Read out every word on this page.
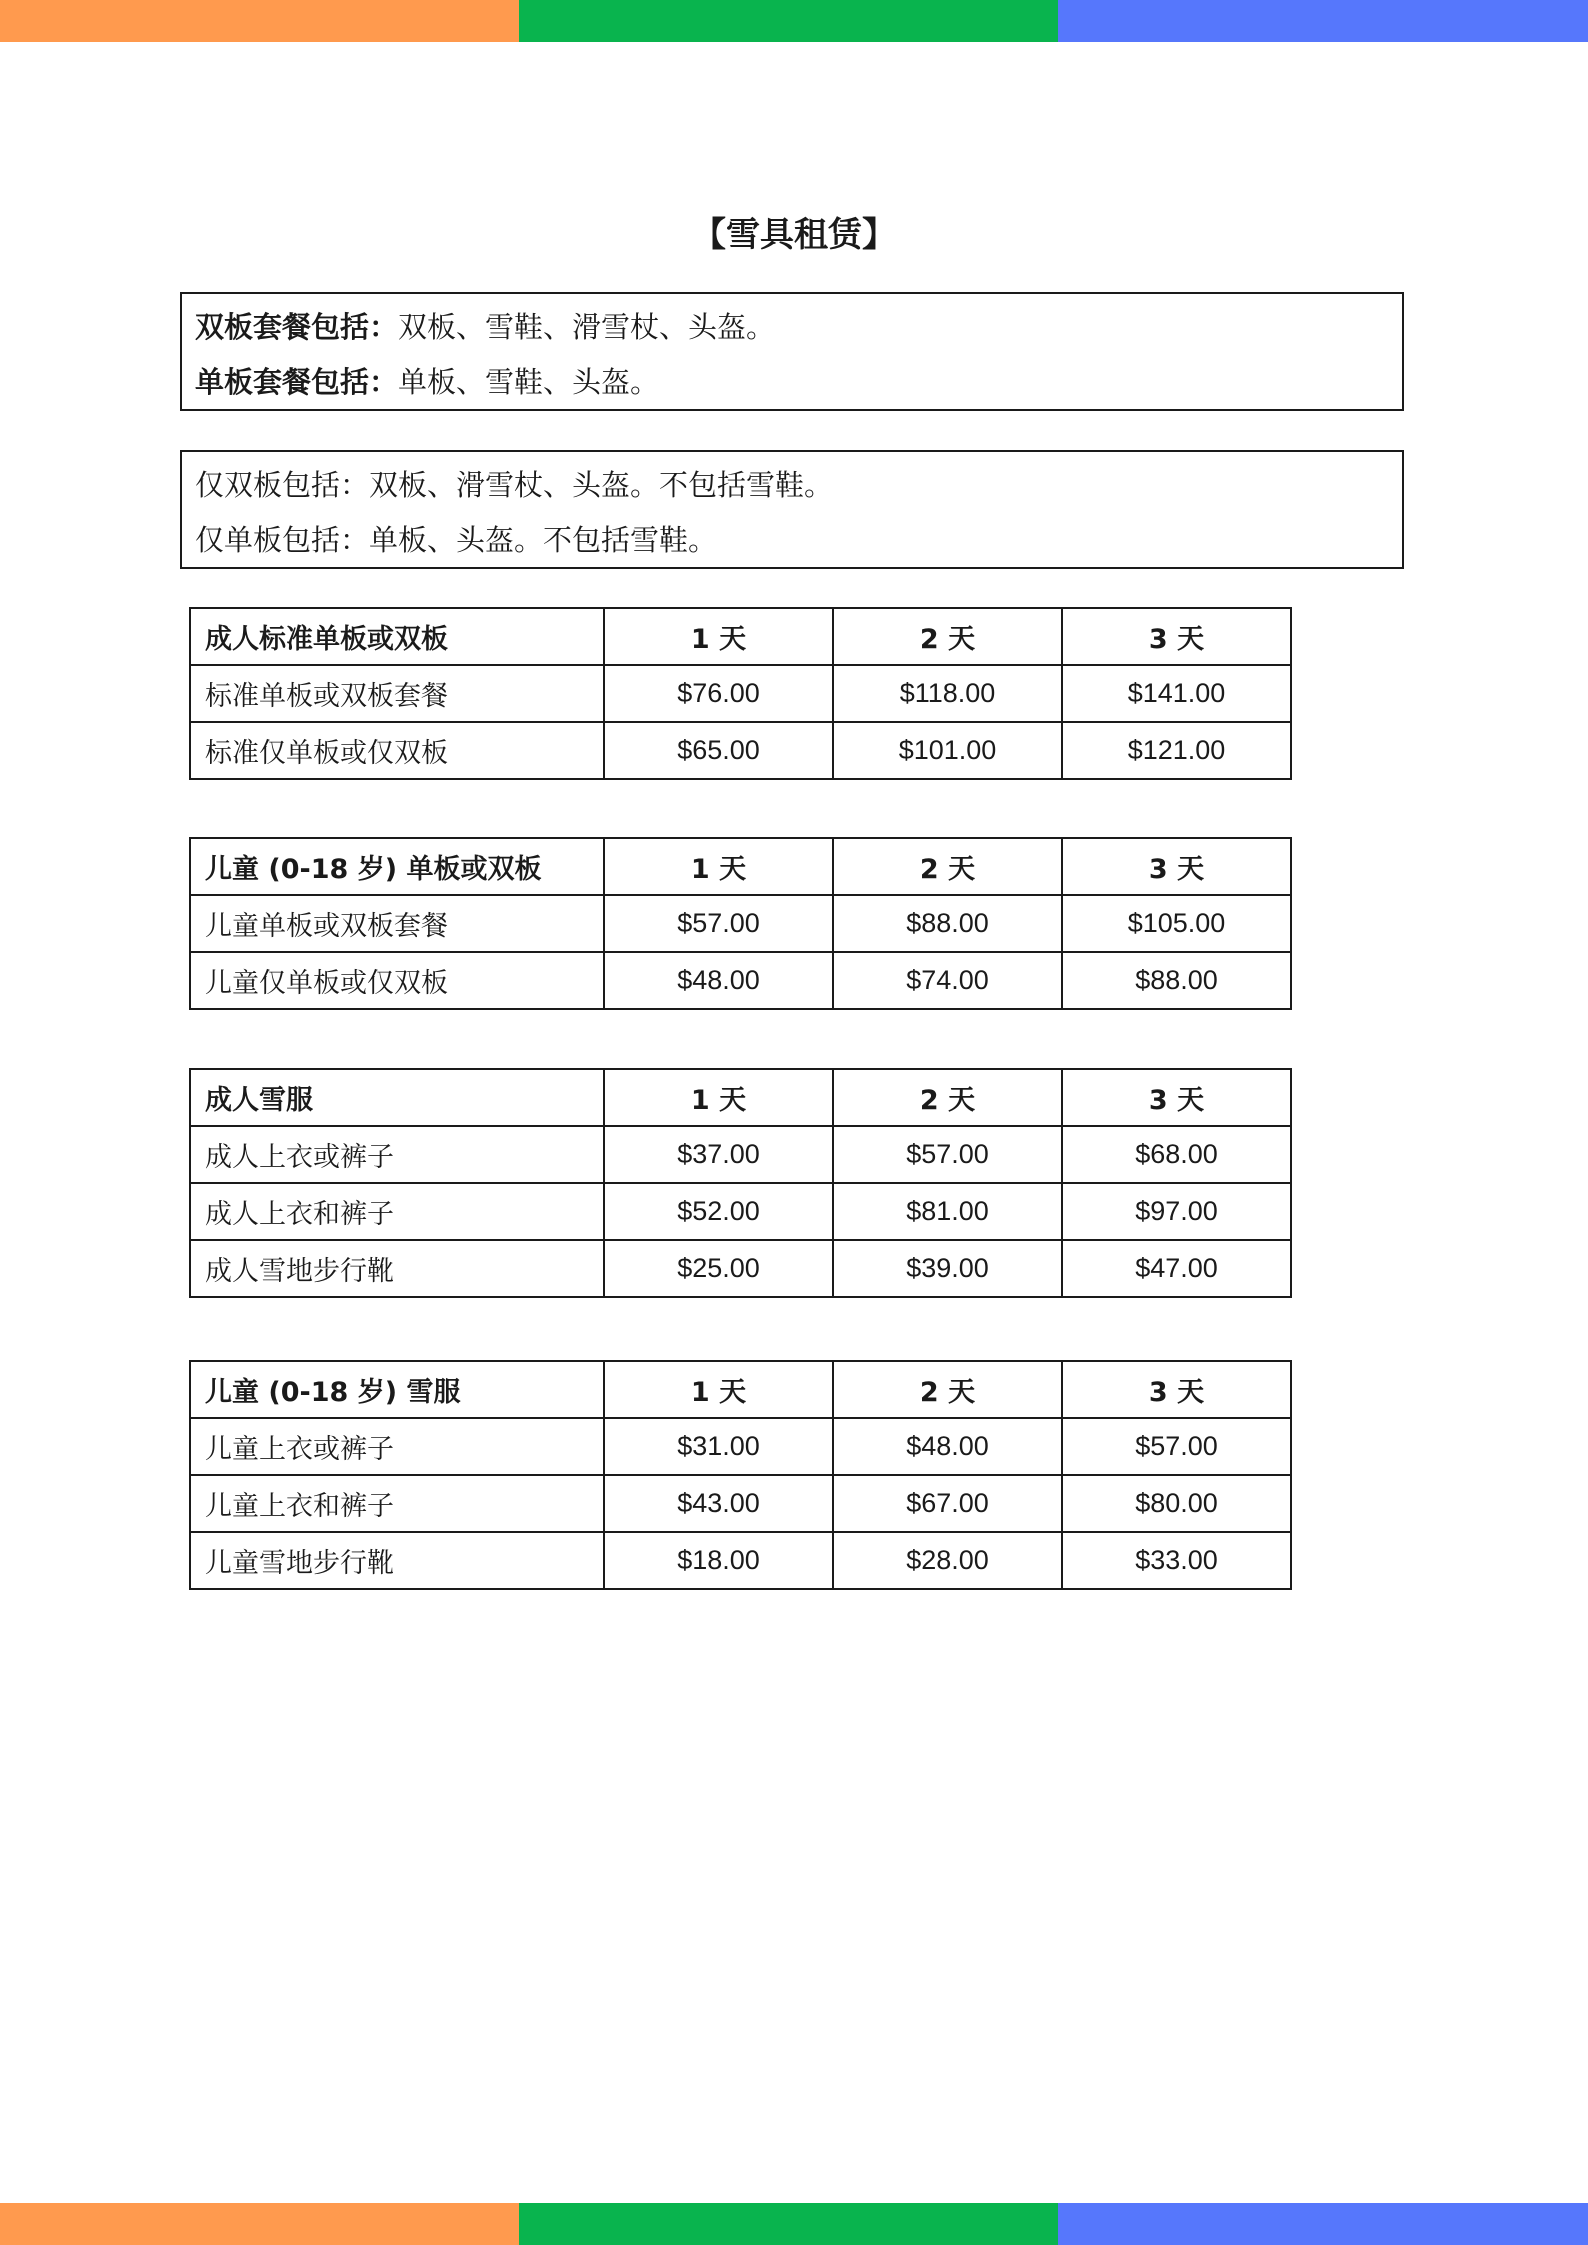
【雪具租赁】
双板套餐包括：双板、雪鞋、滑雪杖、头盔。
单板套餐包括：单板、雪鞋、头盔。
仅双板包括：双板、滑雪杖、头盔。不包括雪鞋。
仅单板包括：单板、头盔。不包括雪鞋。
成人标准单板或双板	1 天	2 天	3 天
标准单板或双板套餐	$76.00	$118.00	$141.00
标准仅单板或仅双板	$65.00	$101.00	$121.00
儿童 (0-18 岁) 单板或双板	1 天	2 天	3 天
儿童单板或双板套餐	$57.00	$88.00	$105.00
儿童仅单板或仅双板	$48.00	$74.00	$88.00
成人雪服	1 天	2 天	3 天
成人上衣或裤子	$37.00	$57.00	$68.00
成人上衣和裤子	$52.00	$81.00	$97.00
成人雪地步行靴	$25.00	$39.00	$47.00
儿童 (0-18 岁) 雪服	1 天	2 天	3 天
儿童上衣或裤子	$31.00	$48.00	$57.00
儿童上衣和裤子	$43.00	$67.00	$80.00
儿童雪地步行靴	$18.00	$28.00	$33.00
